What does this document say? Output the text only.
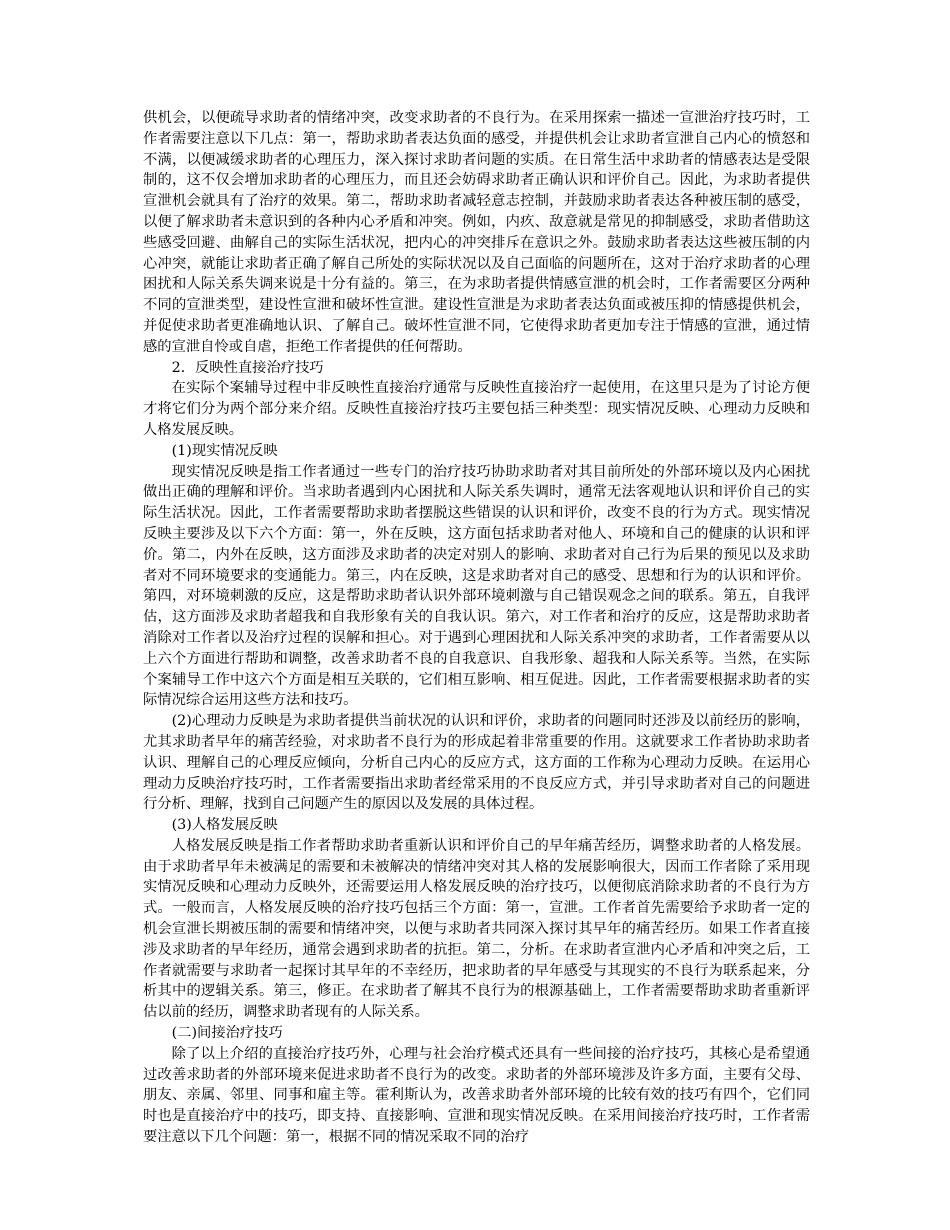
供机会，以便疏导求助者的情绪冲突，改变求助者的不良行为。在采用探索一描述一宣泄治疗技巧时，工作者需要注意以下几点：第一，帮助求助者表达负面的感受，并提供机会让求助者宣泄自己内心的愤怒和不满，以便减缓求助者的心理压力，深入探讨求助者问题的实质。在日常生活中求助者的情感表达是受限制的，这不仅会增加求助者的心理压力，而且还会妨碍求助者正确认识和评价自己。因此，为求助者提供宣泄机会就具有了治疗的效果。第二，帮助求助者减轻意志控制，并鼓励求助者表达各种被压制的感受，以便了解求助者未意识到的各种内心矛盾和冲突。例如，内疚、敌意就是常见的抑制感受，求助者借助这些感受回避、曲解自己的实际生活状况，把内心的冲突排斥在意识之外。鼓励求助者表达这些被压制的内心冲突，就能让求助者正确了解自己所处的实际状况以及自己面临的问题所在，这对于治疗求助者的心理困扰和人际关系失调来说是十分有益的。第三，在为求助者提供情感宣泄的机会时，工作者需要区分两种不同的宣泄类型，建设性宣泄和破坏性宣泄。建设性宣泄是为求助者表达负面或被压抑的情感提供机会，并促使求助者更准确地认识、了解自己。破坏性宣泄不同，它使得求助者更加专注于情感的宣泄，通过情感的宣泄自怜或自虐，拒绝工作者提供的任何帮助。

2．反映性直接治疗技巧

在实际个案辅导过程中非反映性直接治疗通常与反映性直接治疗一起使用，在这里只是为了讨论方便才将它们分为两个部分来介绍。反映性直接治疗技巧主要包括三种类型：现实情况反映、心理动力反映和人格发展反映。

(1)现实情况反映

现实情况反映是指工作者通过一些专门的治疗技巧协助求助者对其目前所处的外部环境以及内心困扰做出正确的理解和评价。当求助者遇到内心困扰和人际关系失调时，通常无法客观地认识和评价自己的实际生活状况。因此，工作者需要帮助求助者摆脱这些错误的认识和评价，改变不良的行为方式。现实情况反映主要涉及以下六个方面：第一，外在反映，这方面包括求助者对他人、环境和自己的健康的认识和评价。第二，内外在反映，这方面涉及求助者的决定对别人的影响、求助者对自己行为后果的预见以及求助者对不同环境要求的变通能力。第三，内在反映，这是求助者对自己的感受、思想和行为的认识和评价。第四，对环境刺激的反应，这是帮助求助者认识外部环境刺激与自己错误观念之间的联系。第五，自我评估，这方面涉及求助者超我和自我形象有关的自我认识。第六，对工作者和治疗的反应，这是帮助求助者消除对工作者以及治疗过程的误解和担心。对于遇到心理困扰和人际关系冲突的求助者，工作者需要从以上六个方面进行帮助和调整，改善求助者不良的自我意识、自我形象、超我和人际关系等。当然，在实际个案辅导工作中这六个方面是相互关联的，它们相互影响、相互促进。因此，工作者需要根据求助者的实际情况综合运用这些方法和技巧。

(2)心理动力反映是为求助者提供当前状况的认识和评价，求助者的问题同时还涉及以前经历的影响，尤其求助者早年的痛苦经验，对求助者不良行为的形成起着非常重要的作用。这就要求工作者协助求助者认识、理解自己的心理反应倾向，分析自己内心的反应方式，这方面的工作称为心理动力反映。在运用心理动力反映治疗技巧时，工作者需要指出求助者经常采用的不良反应方式，并引导求助者对自己的问题进行分析、理解，找到自己问题产生的原因以及发展的具体过程。

(3)人格发展反映

人格发展反映是指工作者帮助求助者重新认识和评价自己的早年痛苦经历，调整求助者的人格发展。由于求助者早年未被满足的需要和未被解决的情绪冲突对其人格的发展影响很大，因而工作者除了采用现实情况反映和心理动力反映外，还需要运用人格发展反映的治疗技巧，以便彻底消除求助者的不良行为方式。一般而言，人格发展反映的治疗技巧包括三个方面：第一，宣泄。工作者首先需要给予求助者一定的机会宣泄长期被压制的需要和情绪冲突，以便与求助者共同深入探讨其早年的痛苦经历。如果工作者直接涉及求助者的早年经历，通常会遇到求助者的抗拒。第二，分析。在求助者宣泄内心矛盾和冲突之后，工作者就需要与求助者一起探讨其早年的不幸经历，把求助者的早年感受与其现实的不良行为联系起来，分析其中的逻辑关系。第三，修正。在求助者了解其不良行为的根源基础上，工作者需要帮助求助者重新评估以前的经历，调整求助者现有的人际关系。

(二)间接治疗技巧

除了以上介绍的直接治疗技巧外，心理与社会治疗模式还具有一些间接的治疗技巧，其核心是希望通过改善求助者的外部环境来促进求助者不良行为的改变。求助者的外部环境涉及许多方面，主要有父母、朋友、亲属、邻里、同事和雇主等。霍利斯认为，改善求助者外部环境的比较有效的技巧有四个，它们同时也是直接治疗中的技巧，即支持、直接影响、宣泄和现实情况反映。在采用间接治疗技巧时，工作者需要注意以下几个问题：第一，根据不同的情况采取不同的治疗
